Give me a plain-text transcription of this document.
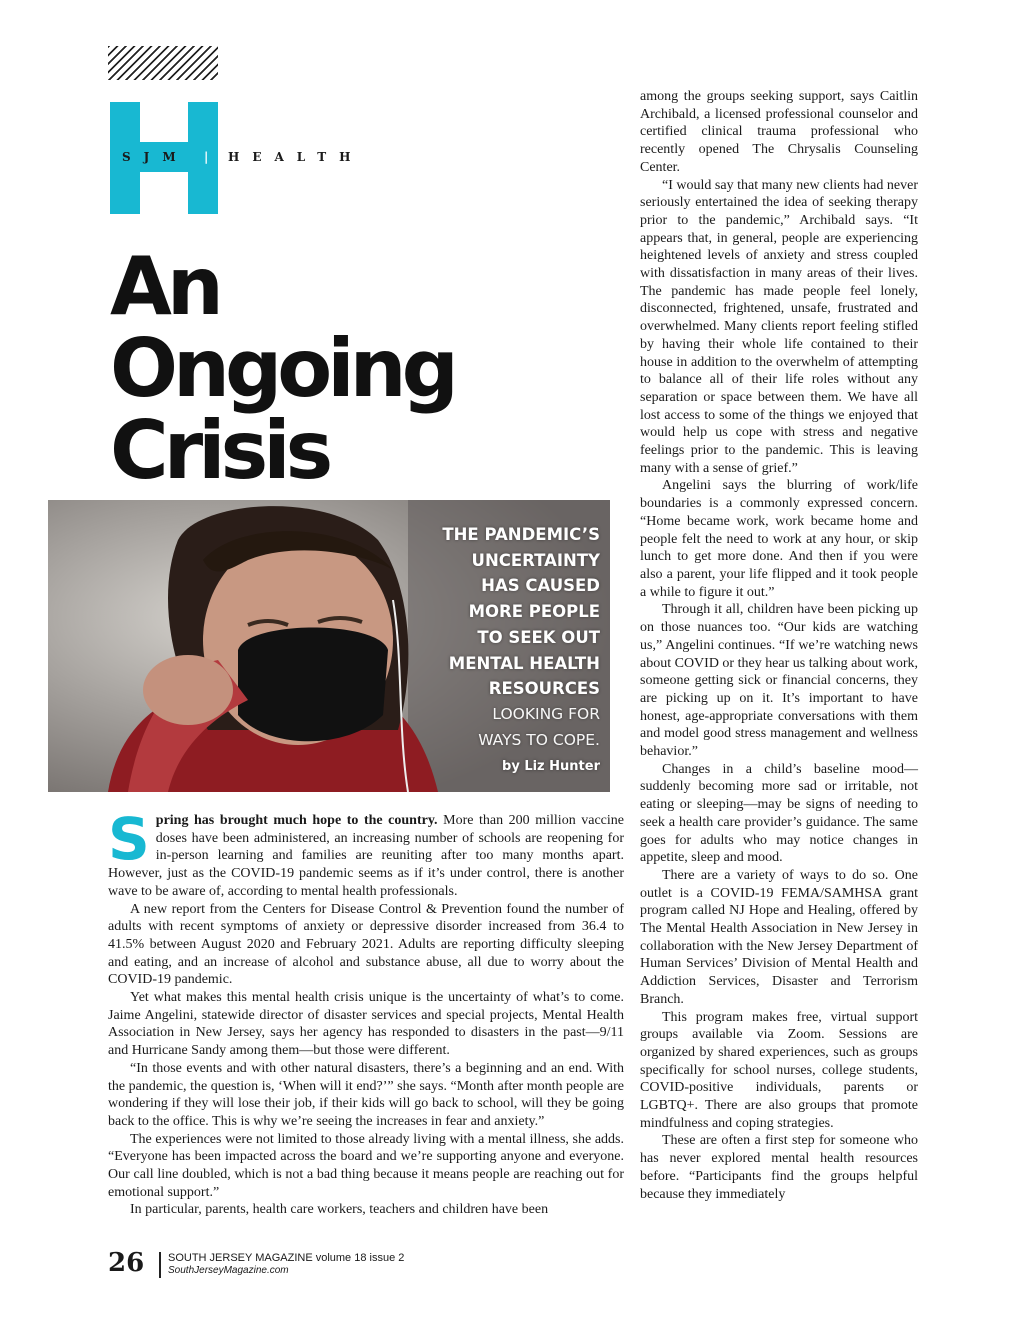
SJM | HEALTH
An
Ongoing
Crisis
THE PANDEMIC’S
UNCERTAINTY
HAS CAUSED
MORE PEOPLE
TO SEEK OUT
MENTAL HEALTH
RESOURCES
LOOKING FOR
WAYS TO COPE.
by Liz Hunter

Spring has brought much hope to the country. More than 200 million vaccine doses have been administered, an increasing number of schools are reopening for in-person learning and families are reuniting after too many months apart. However, just as the COVID-19 pandemic seems as if it’s under control, there is another wave to be aware of, according to mental health professionals.

A new report from the Centers for Disease Control & Prevention found the number of adults with recent symptoms of anxiety or depressive disorder increased from 36.4 to 41.5% between August 2020 and February 2021. Adults are reporting difficulty sleeping and eating, and an increase of alcohol and substance abuse, all due to worry about the COVID-19 pandemic.

Yet what makes this mental health crisis unique is the uncertainty of what’s to come. Jaime Angelini, statewide director of disaster services and special projects, Mental Health Association in New Jersey, says her agency has responded to disasters in the past—9/11 and Hurricane Sandy among them—but those were different.

“In those events and with other natural disasters, there’s a beginning and an end. With the pandemic, the question is, ‘When will it end?’” she says. “Month after month people are wondering if they will lose their job, if their kids will go back to school, will they be going back to the office. This is why we’re seeing the increases in fear and anxiety.”

The experiences were not limited to those already living with a mental illness, she adds. “Everyone has been impacted across the board and we’re supporting anyone and everyone. Our call line doubled, which is not a bad thing because it means people are reaching out for emotional support.”

In particular, parents, health care workers, teachers and children have been

among the groups seeking support, says Caitlin Archibald, a licensed professional counselor and certified clinical trauma professional who recently opened The Chrysalis Counseling Center.

“I would say that many new clients had never seriously entertained the idea of seeking therapy prior to the pandemic,” Archibald says. “It appears that, in general, people are experiencing heightened levels of anxiety and stress coupled with dissatisfaction in many areas of their lives. The pandemic has made people feel lonely, disconnected, frightened, unsafe, frustrated and overwhelmed. Many clients report feeling stifled by having their whole life contained to their house in addition to the overwhelm of attempting to balance all of their life roles without any separation or space between them. We have all lost access to some of the things we enjoyed that would help us cope with stress and negative feelings prior to the pandemic. This is leaving many with a sense of grief.”

Angelini says the blurring of work/life boundaries is a commonly expressed concern. “Home became work, work became home and people felt the need to work at any hour, or skip lunch to get more done. And then if you were also a parent, your life flipped and it took people a while to figure it out.”

Through it all, children have been picking up on those nuances too. “Our kids are watching us,” Angelini continues. “If we’re watching news about COVID or they hear us talking about work, someone getting sick or financial concerns, they are picking up on it. It’s important to have honest, age-appropriate conversations with them and model good stress management and wellness behavior.”

Changes in a child’s baseline mood—suddenly becoming more sad or irritable, not eating or sleeping—may be signs of needing to seek a health care provider’s guidance. The same goes for adults who may notice changes in appetite, sleep and mood.

There are a variety of ways to do so. One outlet is a COVID-19 FEMA/SAMHSA grant program called NJ Hope and Healing, offered by The Mental Health Association in New Jersey in collaboration with the New Jersey Department of Human Services’ Division of Mental Health and Addiction Services, Disaster and Terrorism Branch.

This program makes free, virtual support groups available via Zoom. Sessions are organized by shared experiences, such as groups specifically for school nurses, college students, COVID-positive individuals, parents or LGBTQ+. There are also groups that promote mindfulness and coping strategies.

These are often a first step for someone who has never explored mental health resources before. “Participants find the groups helpful because they immediately

26 SOUTH JERSEY MAGAZINE volume 18 issue 2
SouthJerseyMagazine.com
